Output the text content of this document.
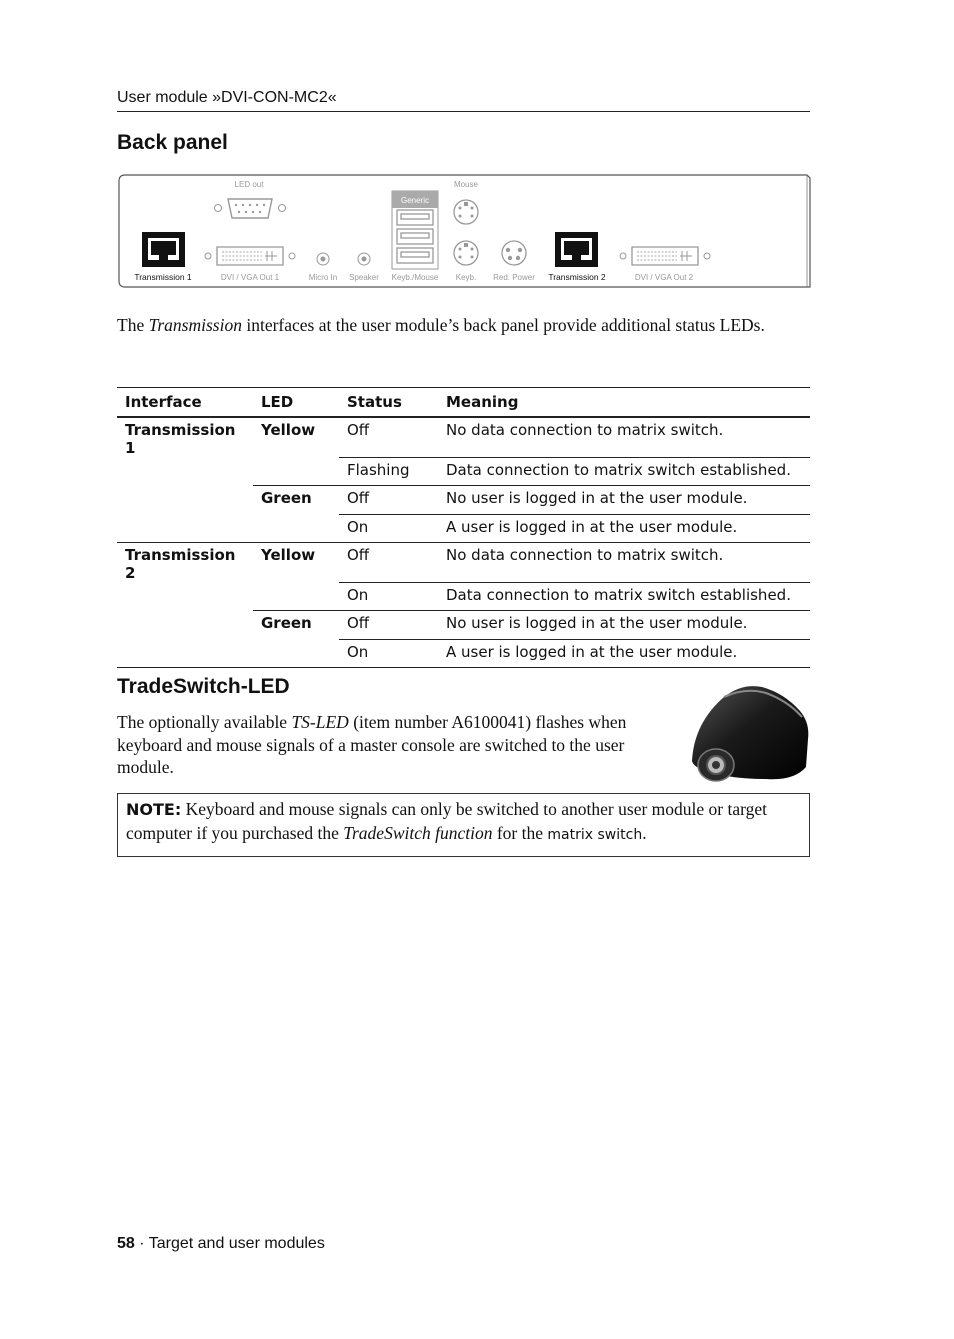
User module »DVI-CON-MC2«
Back panel
Transmission 1
LED out
DVI / VGA Out 1	Micro In Speaker
Generic
Keyb./Mouse
Mouse
Keyb. Red. Power Transmission 2	DVI / VGA Out 2

The Transmission interfaces at the user module’s back panel provide additional status LEDs.

Interface	LED	Status	Meaning
Transmission 1	Yellow	Off	No data connection to matrix switch.
		Flashing	Data connection to matrix switch established.
	Green	Off	No user is logged in at the user module.
		On	A user is logged in at the user module.
Transmission 2	Yellow	Off	No data connection to matrix switch.
		On	Data connection to matrix switch established.
	Green	Off	No user is logged in at the user module.
		On	A user is logged in at the user module.
TradeSwitch-LED

The optionally available TS-LED (item number A6100041) flashes when keyboard and mouse signals of a master console are switched to the user module.

NOTE: Keyboard and mouse signals can only be switched to another user module or target computer if you purchased the TradeSwitch function for the matrix switch.
58 · Target and user modules
